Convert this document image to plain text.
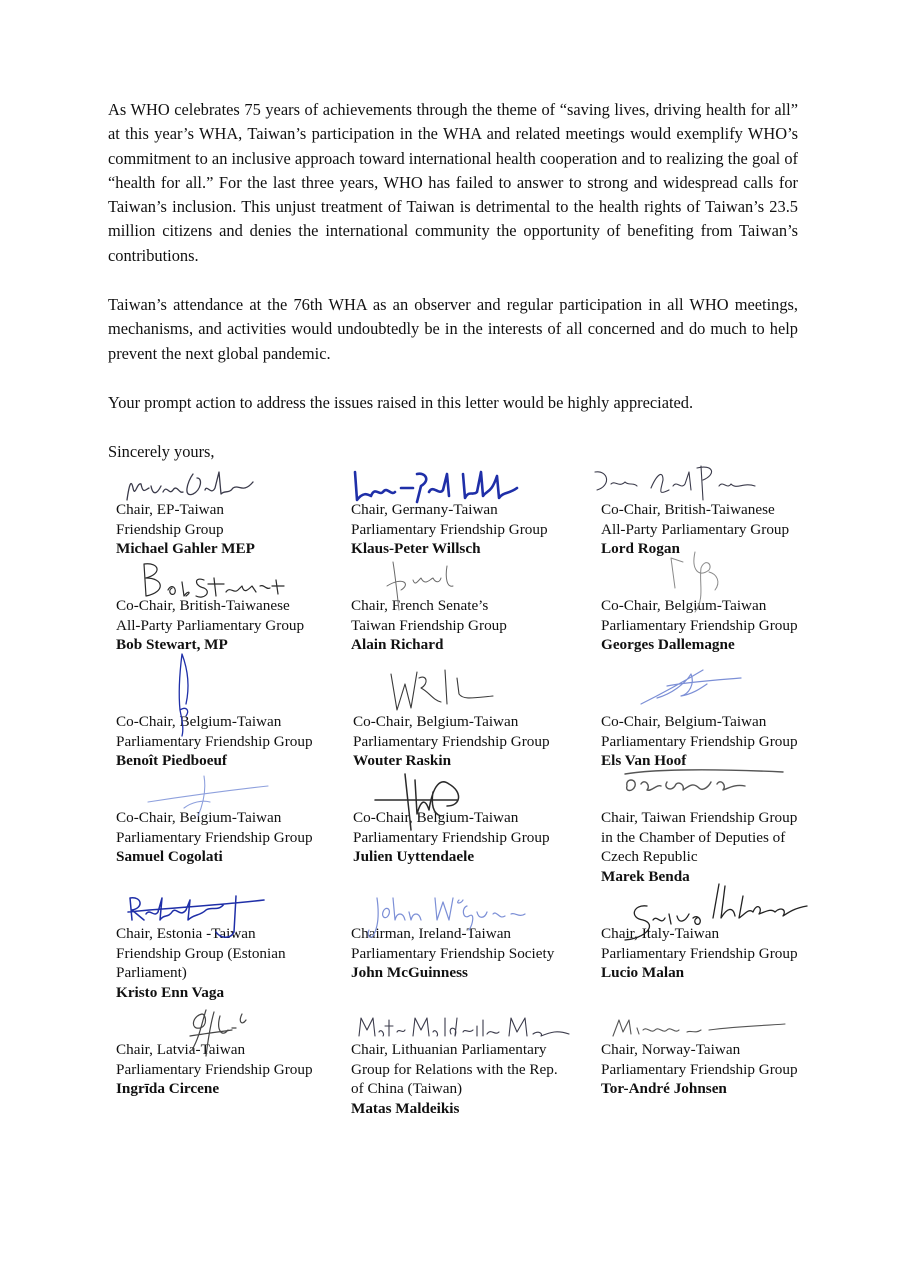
As WHO celebrates 75 years of achievements through the theme of “saving lives, driving health for all” at this year’s WHA, Taiwan’s participation in the WHA and related meetings would exemplify WHO’s commitment to an inclusive approach toward international health cooperation and to realizing the goal of “health for all.” For the last three years, WHO has failed to answer to strong and widespread calls for Taiwan’s inclusion. This unjust treatment of Taiwan is detrimental to the health rights of Taiwan’s 23.5 million citizens and denies the international community the opportunity of benefiting from Taiwan’s contributions.

Taiwan’s attendance at the 76th WHA as an observer and regular participation in all WHO meetings, mechanisms, and activities would undoubtedly be in the interests of all concerned and do much to help prevent the next global pandemic.

Your prompt action to address the issues raised in this letter would be highly appreciated.

Sincerely yours,

Chair, EP-Taiwan
Friendship Group
Michael Gahler MEP
Chair, Germany-Taiwan
Parliamentary Friendship Group
Klaus-Peter Willsch
Co-Chair, British-Taiwanese
All-Party Parliamentary Group
Lord Rogan
Co-Chair, British-Taiwanese
All-Party Parliamentary Group
Bob Stewart, MP
Chair, French Senate’s
Taiwan Friendship Group
Alain Richard
Co-Chair, Belgium-Taiwan
Parliamentary Friendship Group
Georges Dallemagne
Co-Chair, Belgium-Taiwan
Parliamentary Friendship Group
Benoît Piedboeuf
Co-Chair, Belgium-Taiwan
Parliamentary Friendship Group
Wouter Raskin
Co-Chair, Belgium-Taiwan
Parliamentary Friendship Group
Els Van Hoof
Co-Chair, Belgium-Taiwan
Parliamentary Friendship Group
Samuel Cogolati
Co-Chair, Belgium-Taiwan
Parliamentary Friendship Group
Julien Uyttendaele
Chair, Taiwan Friendship Group
in the Chamber of Deputies of
Czech Republic
Marek Benda
Chair, Estonia -Taiwan
Friendship Group (Estonian
Parliament)
Kristo Enn Vaga
Chairman, Ireland-Taiwan
Parliamentary Friendship Society
John McGuinness
Chair, Italy-Taiwan
Parliamentary Friendship Group
Lucio Malan
Chair, Latvia-Taiwan
Parliamentary Friendship Group
Ingrīda Circene
Chair, Lithuanian Parliamentary
Group for Relations with the Rep.
of China (Taiwan)
Matas Maldeikis
Chair, Norway-Taiwan
Parliamentary Friendship Group
Tor-André Johnsen
